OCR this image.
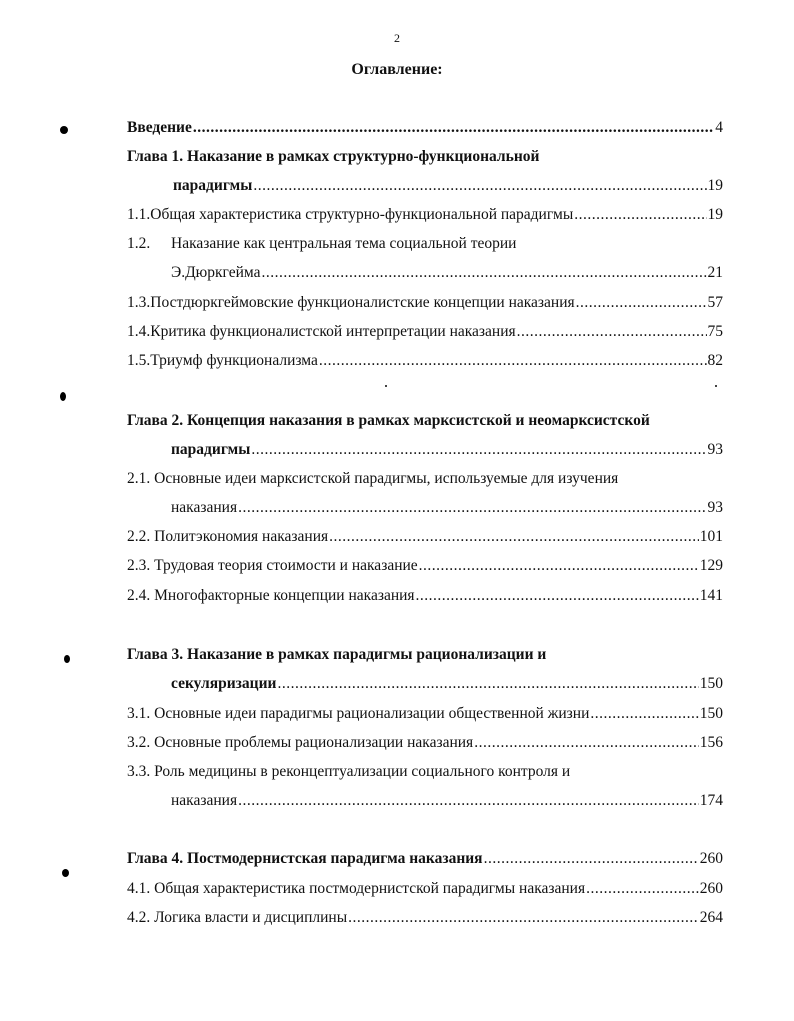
2
Оглавление:
Введение .....	4
Глава 1. Наказание в рамках структурно-функциональной
парадигмы .....	19
1.1. Общая характеристика структурно-функциональной парадигмы .....	19
1.2.	Наказание как центральная тема социальной теории
Э.Дюркгейма .....	21
1.3. Постдюркгеймовские функционалистские концепции наказания .....	57
1.4. Критика функционалистской интерпретации наказания .....	75
1.5. Триумф функционализма .....	82
Глава 2. Концепция наказания в рамках марксистской и неомарксистской
парадигмы .....	93
2.1. Основные идеи марксистской парадигмы, используемые для изучения
наказания .....	93
2.2. Политэкономия наказания .....	101
2.3. Трудовая теория стоимости и наказание .....	129
2.4. Многофакторные концепции наказания .....	141
Глава 3. Наказание в рамках парадигмы рационализации и
секуляризации .....	150
3.1. Основные идеи парадигмы рационализации общественной жизни .....	150
3.2. Основные проблемы рационализации наказания .....	156
3.3. Роль медицины в реконцептуализации социального контроля и
наказания .....	174
Глава 4. Постмодернистская парадигма наказания .....	260
4.1. Общая характеристика постмодернистской парадигмы наказания .....	260
4.2. Логика власти и дисциплины .....	264
